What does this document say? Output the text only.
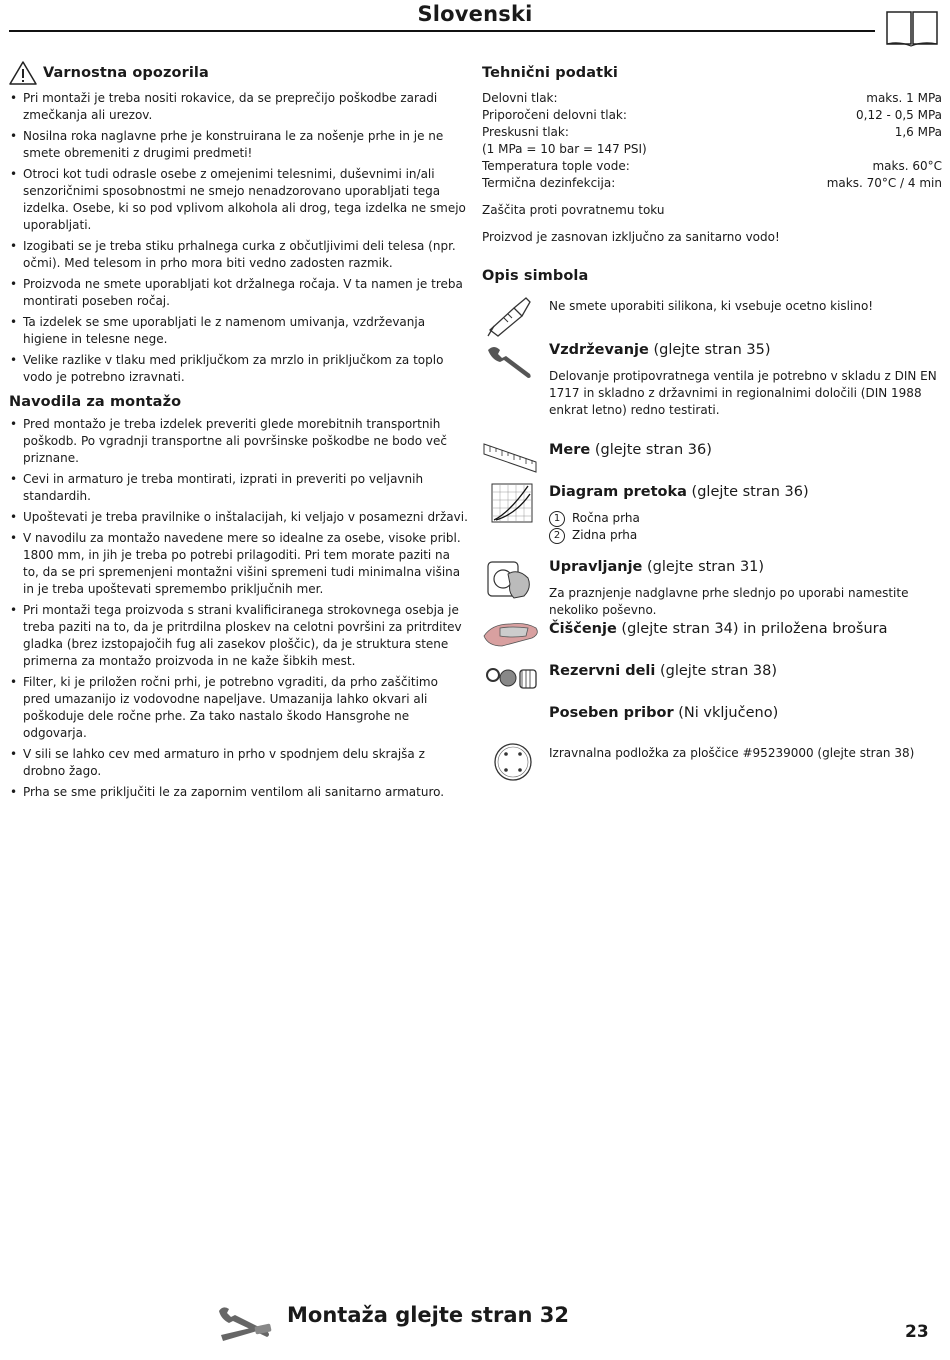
Slovenski
Varnostna opozorila
• Pri montaži je treba nositi rokavice, da se preprečijo poškodbe zaradi zmečkanja ali urezov.
• Nosilna roka naglavne prhe je konstruirana le za nošenje prhe in je ne smete obremeniti z drugimi predmeti!
• Otroci kot tudi odrasle osebe z omejenimi telesnimi, duševnimi in/ali senzoričnimi sposobnostmi ne smejo nenadzorovano uporabljati tega izdelka. Osebe, ki so pod vplivom alkohola ali drog, tega izdelka ne smejo uporabljati.
• Izogibati se je treba stiku prhalnega curka z občutljivimi deli telesa (npr. očmi). Med telesom in prho mora biti vedno zadosten razmik.
• Proizvoda ne smete uporabljati kot držalnega ročaja. V ta namen je treba montirati poseben ročaj.
• Ta izdelek se sme uporabljati le z namenom umivanja, vzdrževanja higiene in telesne nege.
• Velike razlike v tlaku med priključkom za mrzlo in priključkom za toplo vodo je potrebno izravnati.
Navodila za montažo
• Pred montažo je treba izdelek preveriti glede morebitnih transportnih poškodb. Po vgradnji transportne ali površinske poškodbe ne bodo več priznane.
• Cevi in armaturo je treba montirati, izprati in preveriti po veljavnih standardih.
• Upoštevati je treba pravilnike o inštalacijah, ki veljajo v posamezni državi.
• V navodilu za montažo navedene mere so idealne za osebe, visoke pribl. 1800 mm, in jih je treba po potrebi prilagoditi. Pri tem morate paziti na to, da se pri spremenjeni montažni višini spremeni tudi minimalna višina in je treba upoštevati spremembo priključnih mer.
• Pri montaži tega proizvoda s strani kvalificiranega strokovnega osebja je treba paziti na to, da je pritrdilna ploskev na celotni površini za pritrditev gladka (brez izstopajočih fug ali zasekov ploščic), da je struktura stene primerna za montažo proizvoda in ne kaže šibkih mest.
• Filter, ki je priložen ročni prhi, je potrebno vgraditi, da prho zaščitimo pred umazanijo iz vodovodne napeljave. Umazanija lahko okvari ali poškoduje dele ročne prhe. Za tako nastalo škodo Hansgrohe ne odgovarja.
• V sili se lahko cev med armaturo in prho v spodnjem delu skrajša z drobno žago.
• Prha se sme priključiti le za zapornim ventilom ali sanitarno armaturo.
Tehnični podatki
Delovni tlak:	maks. 1 MPa
Priporočeni delovni tlak:	0,12 - 0,5 MPa
Preskusni tlak:	1,6 MPa
(1 MPa = 10 bar = 147 PSI)
Temperatura tople vode:	maks. 60°C
Termična dezinfekcija:	maks. 70°C / 4 min
Zaščita proti povratnemu toku
Proizvod je zasnovan izključno za sanitarno vodo!
Opis simbola
Ne smete uporabiti silikona, ki vsebuje ocetno kislino!
Vzdrževanje (glejte stran 35)
Delovanje protipovratnega ventila je potrebno v skladu z DIN EN 1717 in skladno z državnimi in regionalnimi določili (DIN 1988 enkrat letno) redno testirati.
Mere (glejte stran 36)
Diagram pretoka (glejte stran 36)
1 Ročna prha
2 Zidna prha
Upravljanje (glejte stran 31)
Za praznjenje nadglavne prhe slednjo po uporabi namestite nekoliko poševno.
Čiščenje (glejte stran 34) in priložena brošura
Rezervni deli (glejte stran 38)
Poseben pribor (Ni vključeno)
Izravnalna podložka za ploščice #95239000 (glejte stran 38)
Montaža glejte stran 32
23
